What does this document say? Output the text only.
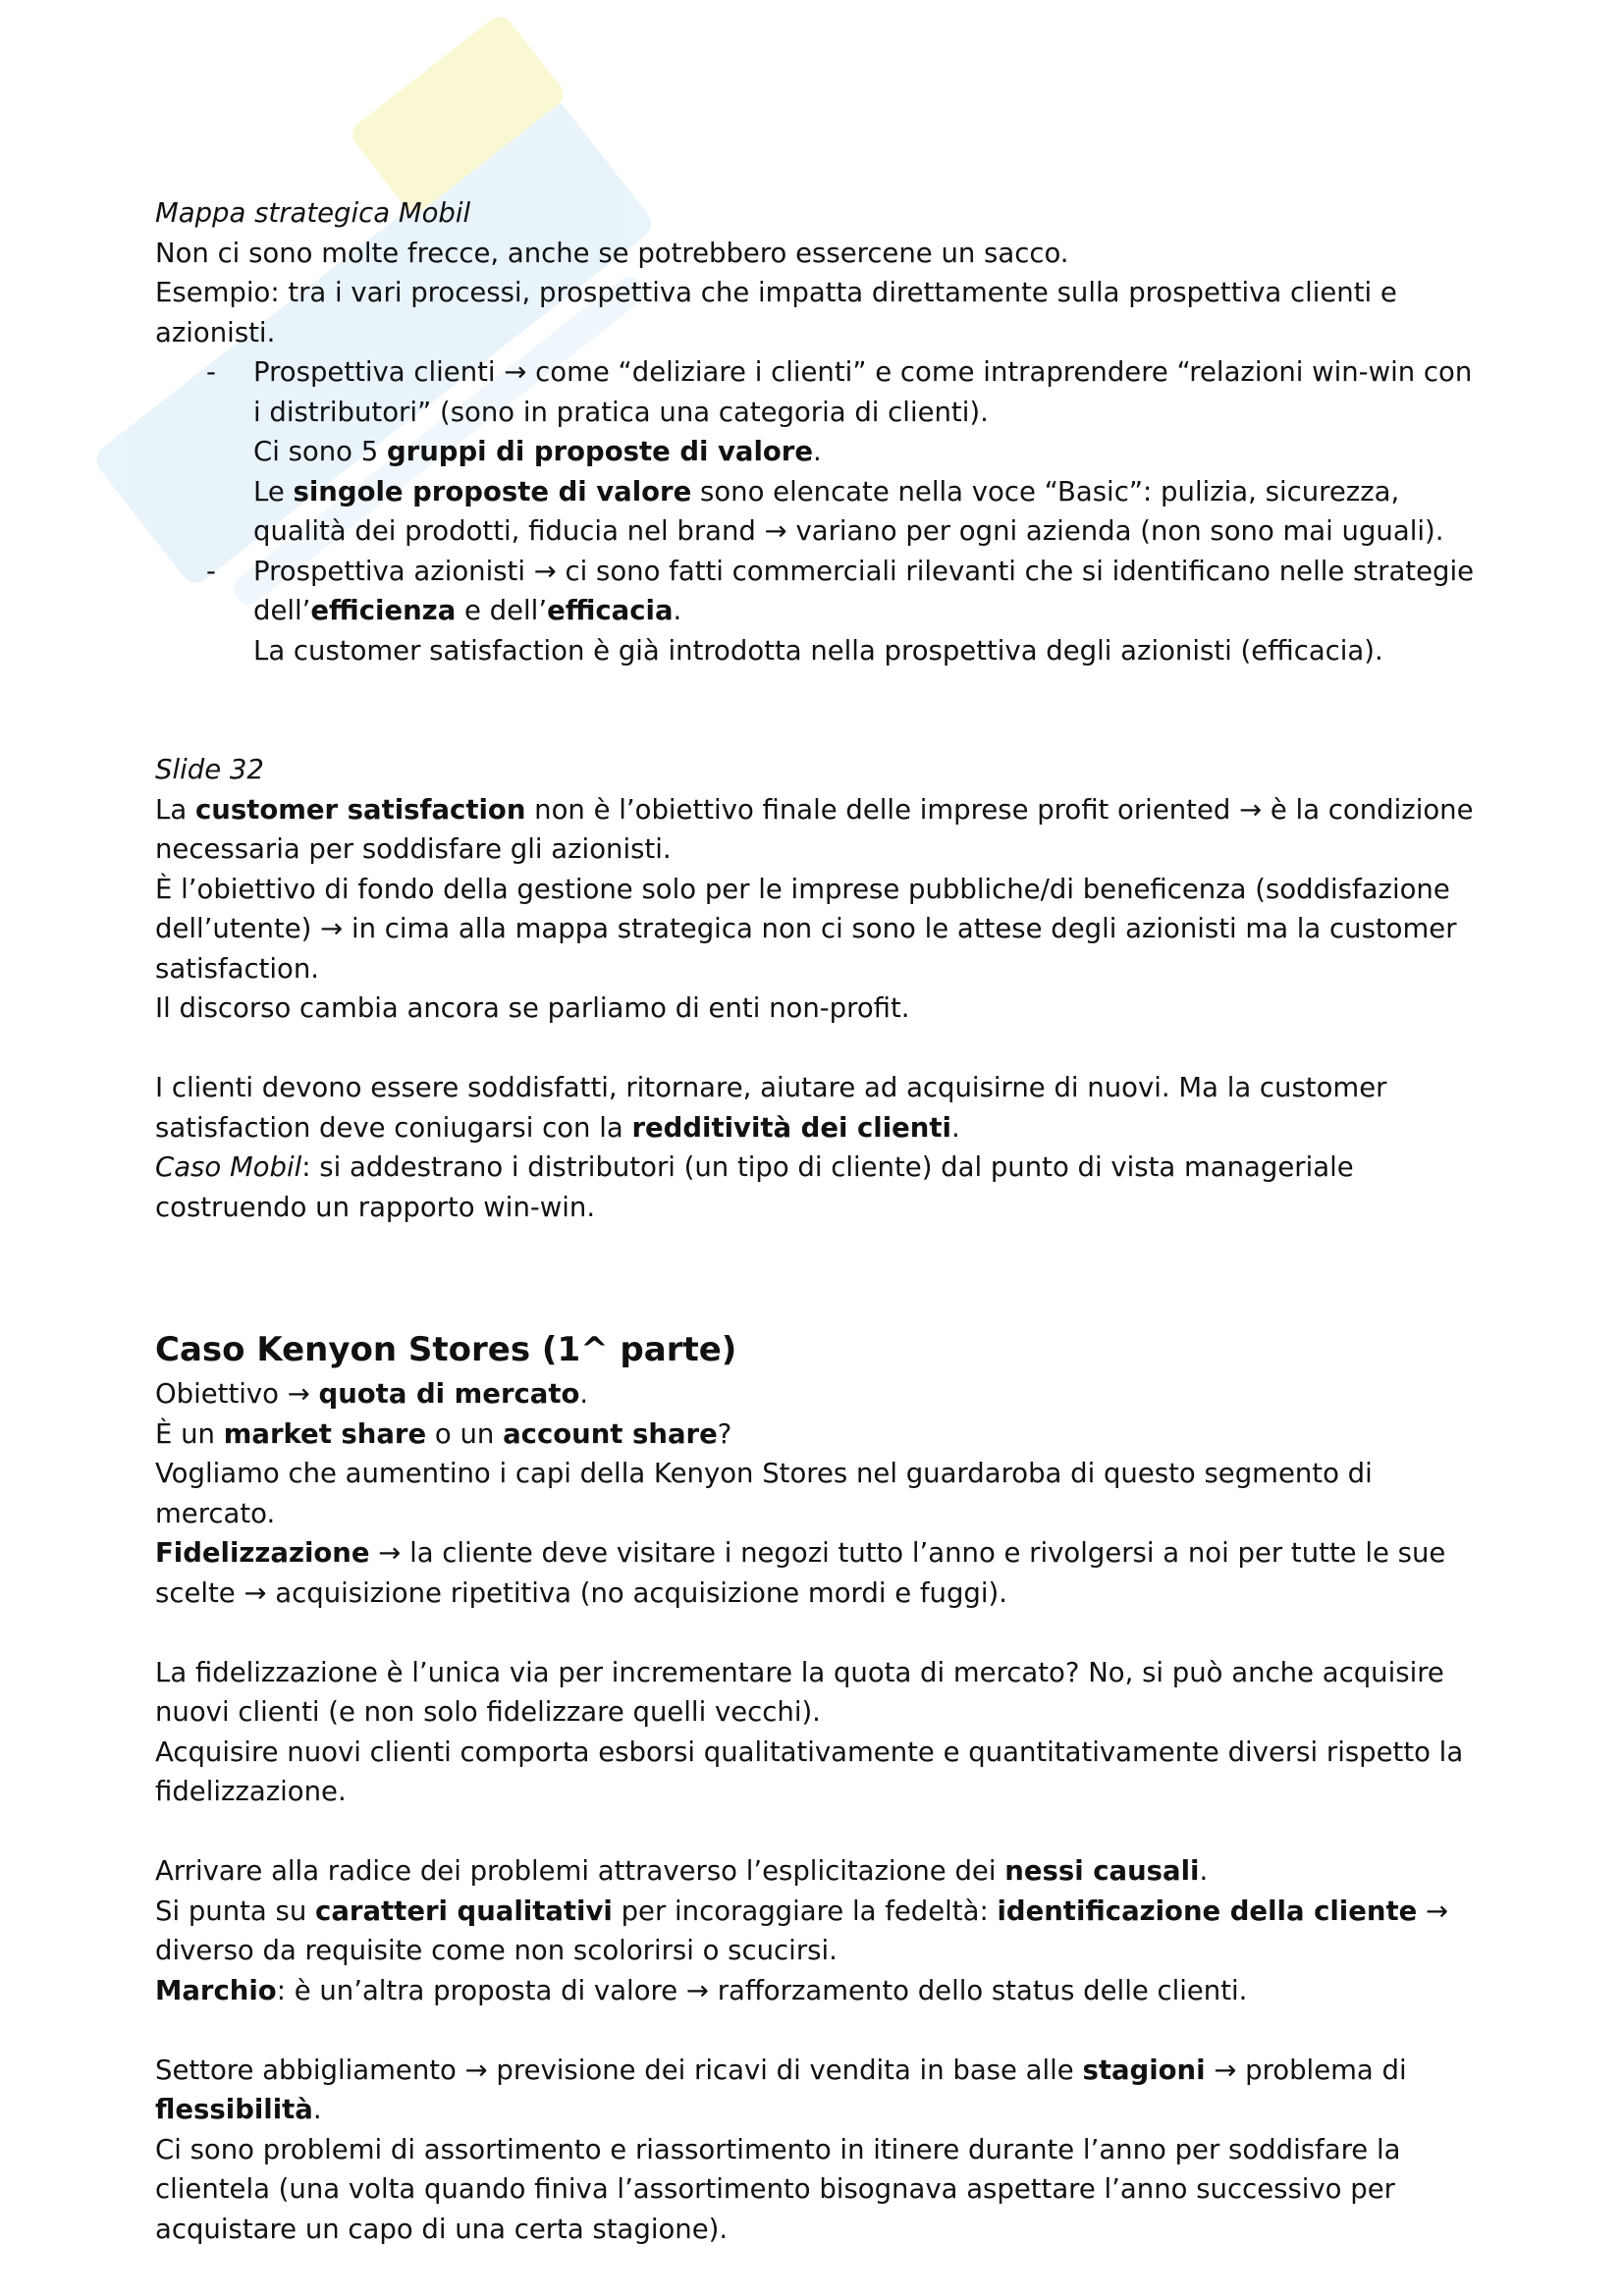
Mappa strategica Mobil

Non ci sono molte frecce, anche se potrebbero essercene un sacco.

Esempio: tra i vari processi, prospettiva che impatta direttamente sulla prospettiva clienti e azionisti.

- Prospettiva clienti → come “deliziare i clienti” e come intraprendere “relazioni win-win con i distributori” (sono in pratica una categoria di clienti).

Ci sono 5 gruppi di proposte di valore.

Le singole proposte di valore sono elencate nella voce “Basic”: pulizia, sicurezza, qualità dei prodotti, fiducia nel brand → variano per ogni azienda (non sono mai uguali).

- Prospettiva azionisti → ci sono fatti commerciali rilevanti che si identificano nelle strategie dell’efficienza e dell’efficacia.

La customer satisfaction è già introdotta nella prospettiva degli azionisti (efficacia).

Slide 32

La customer satisfaction non è l’obiettivo finale delle imprese profit oriented → è la condizione necessaria per soddisfare gli azionisti.

È l’obiettivo di fondo della gestione solo per le imprese pubbliche/di beneficenza (soddisfazione dell’utente) → in cima alla mappa strategica non ci sono le attese degli azionisti ma la customer satisfaction.

Il discorso cambia ancora se parliamo di enti non-profit.

I clienti devono essere soddisfatti, ritornare, aiutare ad acquisirne di nuovi. Ma la customer satisfaction deve coniugarsi con la redditività dei clienti.

Caso Mobil: si addestrano i distributori (un tipo di cliente) dal punto di vista manageriale costruendo un rapporto win-win.

Caso Kenyon Stores (1^ parte)

Obiettivo → quota di mercato.

È un market share o un account share?

Vogliamo che aumentino i capi della Kenyon Stores nel guardaroba di questo segmento di mercato.

Fidelizzazione → la cliente deve visitare i negozi tutto l’anno e rivolgersi a noi per tutte le sue scelte → acquisizione ripetitiva (no acquisizione mordi e fuggi).

La fidelizzazione è l’unica via per incrementare la quota di mercato? No, si può anche acquisire nuovi clienti (e non solo fidelizzare quelli vecchi).

Acquisire nuovi clienti comporta esborsi qualitativamente e quantitativamente diversi rispetto la fidelizzazione.

Arrivare alla radice dei problemi attraverso l’esplicitazione dei nessi causali.

Si punta su caratteri qualitativi per incoraggiare la fedeltà: identificazione della cliente → diverso da requisite come non scolorirsi o scucirsi.

Marchio: è un’altra proposta di valore → rafforzamento dello status delle clienti.

Settore abbigliamento → previsione dei ricavi di vendita in base alle stagioni → problema di flessibilità.

Ci sono problemi di assortimento e riassortimento in itinere durante l’anno per soddisfare la clientela (una volta quando finiva l’assortimento bisognava aspettare l’anno successivo per acquistare un capo di una certa stagione).
